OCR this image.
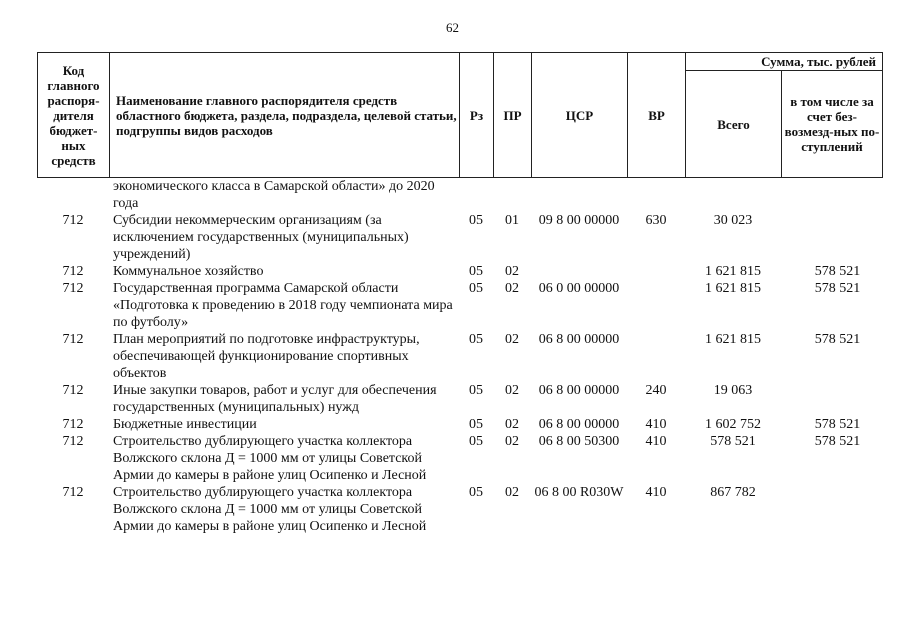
62
Код главного распоря-дителя бюджет-ных средств	Наименование главного распорядителя средств областного бюджета, раздела, подраздела, целевой статьи, подгруппы видов расходов	Рз	ПР	ЦСР	ВР	Сумма, тыс. рублей	
						Всего	в том числе за счет без-возмезд-ных по-ступлений
	экономического класса в Самарской области» до 2020 года						
712	Субсидии некоммерческим организациям (за исключением государственных (муниципальных) учреждений)	05	01	09 8 00 00000	630	30 023	
712	Коммунальное хозяйство	05	02			1 621 815	578 521
712	Государственная программа Самарской области «Подготовка к проведению в 2018 году чемпионата мира по футболу»	05	02	06 0 00 00000		1 621 815	578 521
712	План мероприятий по подготовке инфраструктуры, обеспечивающей функционирование спортивных объектов	05	02	06 8 00 00000		1 621 815	578 521
712	Иные закупки товаров, работ и услуг для обеспечения государственных (муниципальных) нужд	05	02	06 8 00 00000	240	19 063	
712	Бюджетные инвестиции	05	02	06 8 00 00000	410	1 602 752	578 521
712	Строительство дублирующего участка коллектора Волжского склона Д = 1000 мм от улицы Советской Армии до камеры в районе улиц Осипенко и Лесной	05	02	06 8 00 50300	410	578 521	578 521
712	Строительство дублирующего участка коллектора Волжского склона Д = 1000 мм от улицы Советской Армии до камеры в районе улиц Осипенко и Лесной	05	02	06 8 00 R030W	410	867 782	
